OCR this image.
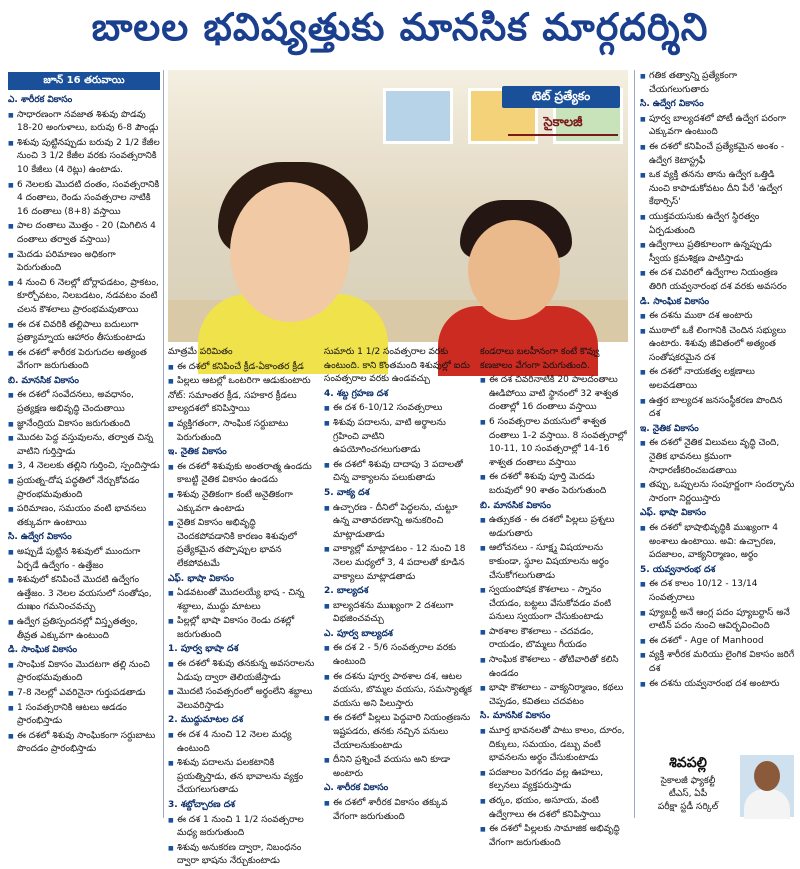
బాలల భవిష్యత్తుకు మానసిక మార్గదర్శిని
జూన్ 16 తరువాయి

ఎ. శారీరక వికాసం

■ సాధారణంగా నవజాత శిశువు పొడవు 18-20 అంగుళాలు, బరువు 6-8 పౌండ్లు

■ శిశువు పుట్టినప్పుడు బరువు 2 1/2 కేజీల నుంచి 3 1/2 కేజీల వరకు సంవత్సరానికి 10 కేజీలు (4 రెట్లు) ఉంటాడు.

■ 6 నెలలకు మొదటి దంతం, సంవత్సరానికి 4 దంతాలు, రెండు సంవత్సరాల నాటికి 16 దంతాలు (8+8) వస్తాయి

■ పాల దంతాలు మొత్తం - 20 (మిగిలిన 4 దంతాలు తర్వాత వస్తాయి)

■ మెదడు పరిమాణం అధికంగా పెరుగుతుంది

■ 4 నుంచి 6 నెలల్లో బోర్లాపడటం, ప్రాకటం, కూర్చోవటం, నిలబడటం, నడవటం వంటి చలన కౌశలాలు ప్రారంభమవుతాయి

■ ఈ దశ చివరికి తల్లిపాలు బదులుగా ప్రత్యామ్నాయ ఆహారం తీసుకుంటాడు

■ ఈ దశలో శారీరక పెరుగుదల అత్యంత వేగంగా జరుగుతుంది

బి. మానసిక వికాసం

■ ఈ దశలో సంవేదనలు, అవధానం, ప్రత్యక్షణ అభివృద్ధి చెందుతాయి

■ జ్ఞానేంద్రియ వికాసం జరుగుతుంది

■ మొదట పెద్ద వస్తువులను, తర్వాత చిన్న వాటిని గుర్తిస్తాడు

■ 3, 4 నెలలకు తల్లిని గుర్తించి, స్పందిస్తాడు

■ ప్రయత్న-దోష పద్ధతిలో నేర్చుకోవడం ప్రారంభమవుతుంది

■ పరిమాణం, సమయం వంటి భావనలు తక్కువగా ఉంటాయి

సి. ఉద్వేగ వికాసం

■ అప్పుడే పుట్టిన శిశువులో ముందుగా ఏర్పడే ఉద్వేగం - ఉత్తేజం

■ శిశువులో కనిపించే మొదటి ఉద్వేగం ఉత్తేజం. 3 నెలల వయసులో సంతోషం, దుఃఖం గమనించవచ్చు

■ ఉద్వేగ ప్రతిస్పందనల్లో విస్తృతత్వం, తీవ్రత ఎక్కువగా ఉంటుంది

డి. సాంఘిక వికాసం

■ సాంఘిక వికాసం మొదటగా తల్లి నుంచి ప్రారంభమవుతుంది

■ 7-8 నెలల్లో ఎవరినైనా గుర్తుపడతాడు

■ 1 సంవత్సరానికి ఆటలు ఆడడం ప్రారంభిస్తాడు

■ ఈ దశలో శిశువు సాంఘికంగా సర్దుబాటు పొందడం ప్రారంభిస్తాడు

టెట్ ప్రత్యేకం
సైకాలజీ

మాత్రమే పరిమితం

■ ఈ దశలో కనిపించే క్రీడ-ఏకాంతర క్రీడ

■ పిల్లలు ఆటల్లో ఒంటరిగా ఆడుకుంటారు

నోట్: సమాంతర క్రీడ, సహకార క్రీడలు బాల్యదశలో కనిపిస్తాయి

■ వ్యక్తిగతంగా, సాంఘిక సర్దుబాటు పెరుగుతుంది

ఇ. నైతిక వికాసం

■ ఈ దశలో శిశువుకు అంతరాత్మ ఉండదు కాబట్టి నైతిక వికాసం ఉండదు

■ శిశువు నైతికంగా కంటే అనైతికంగా ఎక్కువగా ఉంటాడు

■ నైతిక వికాసం అభివృద్ధి చెందకపోవడానికి కారణం శిశువులో ప్రత్యేకమైన తప్పొప్పుల భావన లేకపోవటమే

ఎఫ్. భాషా వికాసం

■ ఏడవటంతో మొదలయ్యే భాష - చిన్న శబ్దాలు, ముద్దు మాటలు

■ పిల్లల్లో భాషా వికాసం రెండు దశల్లో జరుగుతుంది

1. పూర్వ భాషా దశ

■ ఈ దశలో శిశువు తనకున్న అవసరాలను ఏడుపు ద్వారా తెలియజేస్తాడు

■ మొదటి సంవత్సరంలో అర్థంలేని శబ్దాలు వెలువరిస్తాడు

2. ముద్దుమాటల దశ

■ ఈ దశ 4 నుంచి 12 నెలల మధ్య ఉంటుంది

■ శిశువు పదాలను పలకటానికి ప్రయత్నిస్తాడు, తన భావాలను వ్యక్తం చేయగలుగుతాడు

3. శబ్దోచ్చారణ దశ

■ ఈ దశ 1 నుంచి 1 1/2 సంవత్సరాల మధ్య జరుగుతుంది

■ శిశువు అనుకరణ ద్వారా, నిబంధనం ద్వారా భాషను నేర్చుకుంటాడు

సుమారు 1 1/2 సంవత్సరాల వరకు ఉంటుంది. కాని కొంతమంది శిశువుల్లో ఐదు సంవత్సరాల వరకు ఉండవచ్చు

4. శబ్ద గ్రహణ దశ

■ ఈ దశ 6-10/12 సంవత్సరాలు

■ శిశువు పదాలను, వాటి అర్థాలను గ్రహించి వాటిని ఉపయోగించగలుగుతాడు

■ ఈ దశలో శిశువు దాదాపు 3 పదాలతో చిన్న వాక్యాలను పలుకుతాడు

5. వాక్య దశ

■ ఉచ్చారణ - దీనిలో పెద్దలను, చుట్టూ ఉన్న వాతావరణాన్ని అనుకరించి మాట్లాడుతాడు

■ వాక్యాల్లో మాట్లాడటం - 12 నుంచి 18 నెలల మధ్యలో 3, 4 పదాలతో కూడిన వాక్యాలు మాట్లాడతాడు

2. బాల్యదశ

■ బాల్యదశను ముఖ్యంగా 2 దశలుగా విభజించవచ్చు

ఎ. పూర్వ బాల్యదశ

■ ఈ దశ 2 - 5/6 సంవత్సరాల వరకు ఉంటుంది

■ ఈ దశను పూర్వ పాఠశాల దశ, ఆటల వయసు, బొమ్మల వయసు, సమస్యాత్మక వయసు అని పిలుస్తారు

■ ఈ దశలో పిల్లలు పెద్దవారి నియంత్రణను ఇష్టపడరు, తనకు నచ్చిన పనులు చేయాలనుకుంటాడు

■ దీనిని ప్రశ్నించే వయసు అని కూడా అంటారు

ఎ. శారీరక వికాసం

■ ఈ దశలో శారీరక వికాసం తక్కువ వేగంగా జరుగుతుంది

కండరాలు బలహీనంగా కంటే కొవ్వు కణజాలం వేగంగా పెరుగుతుంది.

■ ఈ దశ చివరినాటికి 20 పాలదంతాలు ఊడిపోయి వాటి స్థానంలో 32 శాశ్వత దంతాల్లో 16 దంతాలు వస్తాయి

■ 6 సంవత్సరాల వయసులో శాశ్వత దంతాలు 1-2 వస్తాయి. 8 సంవత్సరాల్లో 10-11, 10 సంవత్సరాల్లో 14-16 శాశ్వత దంతాలు వస్తాయి

■ ఈ దశలో శిశువు పూర్తి మెదడు బరువులో 90 శాతం పెరుగుతుంది

బి. మానసిక వికాసం

■ ఉత్సుకత - ఈ దశలో పిల్లలు ప్రశ్నలు అడుగుతారు

■ ఆలోచనలు - సూక్ష్మ విషయాలను కాకుండా, స్థూల విషయాలను అర్థం చేసుకోగలుగుతాడు

■ స్వయంపోషక కౌశలాలు - స్నానం చేయడం, బట్టలు వేసుకోవడం వంటి పనులు స్వయంగా చేసుకుంటాడు

■ పాఠశాల కౌశలాలు - చదవడం, రాయడం, బొమ్మలు గీయడం

■ సాంఘిక కౌశలాలు - తోటివారితో కలిసి ఉండడం

■ భాషా కౌశలాలు - వాక్యనిర్మాణం, కథలు చెప్పడం, కవితలు చదవటం

సి. మానసిక వికాసం

■ మూర్త భావనలతో పాటు కాలం, దూరం, దిక్కులు, సమయం, డబ్బు వంటి భావనలను అర్థం చేసుకుంటాడు

■ పదజాలం పెరగడం వల్ల ఊహలు, కల్పనలు వ్యక్తపరుస్తాడు

■ తర్కం, భయం, అసూయ, వంటి ఉద్వేగాలు ఈ దశలో కనిపిస్తాయి

■ ఈ దశలో పిల్లలకు సామాజిక అభివృద్ధి వేగంగా జరుగుతుంది

■ గతిక తత్వాన్ని ప్రత్యేకంగా చేయగలుగుతారు

సి. ఉద్వేగ వికాసం

■ పూర్వ బాల్యదశలో పోటీ ఉద్వేగ పరంగా ఎక్కువగా ఉంటుంది

■ ఈ దశలో కనిపించే ప్రత్యేకమైన అంశం - ఉద్వేగ కెటాస్ట్రఫీ

■ ఒక వ్యక్తి తనను తాను ఉద్వేగ ఒత్తిడి నుంచి కాపాడుకోవటం దీని పేరే 'ఉద్వేగ కేథార్సిస్'

■ యుక్తవయసుకు ఉద్వేగ స్థిరత్వం ఏర్పడుతుంది

■ ఉద్వేగాలు ప్రతికూలంగా ఉన్నప్పుడు స్వీయ క్రమశిక్షణ పాటిస్తాడు

■ ఈ దశ చివరిలో ఉద్వేగాల నియంత్రణ తిరిగి యవ్వనారంభ దశ వరకు అవసరం

డి. సాంఘిక వికాసం

■ ఈ దశను ముఠా దశ అంటారు

■ ముఠాలో ఒకే లింగానికి చెందిన సభ్యులు ఉంటారు. శిశువు జీవితంలో అత్యంత సంతోషకరమైన దశ

■ ఈ దశలో నాయకత్వ లక్షణాలు అలవడతాయి

■ ఉత్తర బాల్యదశ జనసంస్థీకరణ పొందిన దశ

ఇ. నైతిక వికాసం

■ ఈ దశలో నైతిక విలువలు వృద్ధి చెంది, నైతిక భావనలు క్రమంగా సాధారణీకరించబడతాయి

■ తప్పు, ఒప్పులను సంపూర్ణంగా సందర్భాను సారంగా నిర్ణయిస్తారు

ఎఫ్. భాషా వికాసం

■ ఈ దశలో భాషాభివృద్ధికి ముఖ్యంగా 4 అంశాలు ఉంటాయి. అవి: ఉచ్చారణ, పదజాలం, వాక్యనిర్మాణం, అర్థం

5. యవ్వనారంభ దశ

■ ఈ దశ కాలం 10/12 - 13/14 సంవత్సరాలు

■ ప్యూబర్టీ అనే ఆంగ్ల పదం ప్యూబర్టాస్ అనే లాటిన్ పదం నుంచి ఆవిర్భవించింది

■ ఈ దశలో - Age of Manhood

■ వ్యక్తి శారీరక మరియు లైంగిక వికాసం జరిగే దశ

■ ఈ దశను యవ్వనారంభ దశ అంటారు

శివపల్లి
సైకాలజీ ఫ్యాకల్టీ
టీఎస్, ఏపీ
పరీక్షా స్టడీ సర్కిల్
